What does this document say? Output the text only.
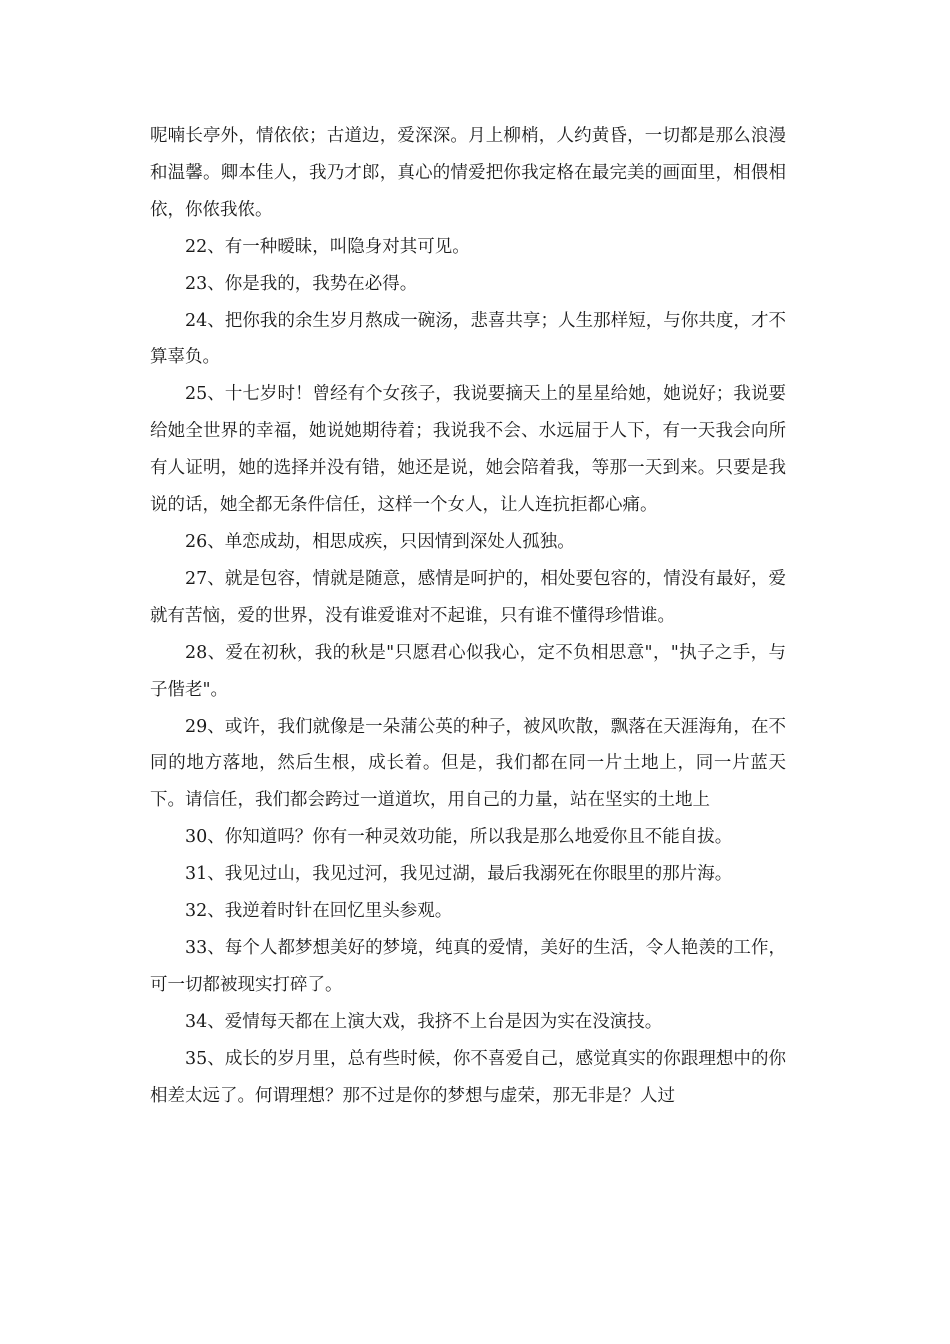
呢喃长亭外，情依依；古道边，爱深深。月上柳梢，人约黄昏，一切都是那么浪漫和温馨。卿本佳人，我乃才郎，真心的情爱把你我定格在最完美的画面里，相偎相依，你侬我侬。

22、有一种暧昧，叫隐身对其可见。

23、你是我的，我势在必得。

24、把你我的余生岁月熬成一碗汤，悲喜共享；人生那样短，与你共度，才不算辜负。

25、十七岁时！曾经有个女孩子，我说要摘天上的星星给她，她说好；我说要给她全世界的幸福，她说她期待着；我说我不会、水远屇于人下，有一天我会向所有人证明，她的选择并没有错，她还是说，她会陪着我，等那一天到来。只要是我说的话，她全都无条件信任，这样一个女人，让人连抗拒都心痛。

26、单恋成劫，相思成疾，只因情到深处人孤独。

27、就是包容，情就是随意，感情是呵护的，相处要包容的，情没有最好，爱就有苦恼，爱的世界，没有谁爱谁对不起谁，只有谁不懂得珍惜谁。

28、爱在初秋，我的秋是"只愿君心似我心，定不负相思意"，"执子之手，与子偕老"。

29、或许，我们就像是一朵蒲公英的种子，被风吹散，飘落在天涯海角，在不同的地方落地，然后生根，成长着。但是，我们都在同一片土地上，同一片蓝天下。请信任，我们都会跨过一道道坎，用自己的力量，站在坚实的土地上

30、你知道吗？你有一种灵效功能，所以我是那么地爱你且不能自拔。

31、我见过山，我见过河，我见过湖，最后我溺死在你眼里的那片海。

32、我逆着时针在回忆里头参观。

33、每个人都梦想美好的梦境，纯真的爱情，美好的生活，令人艳羡的工作，可一切都被现实打碎了。

34、爱情每天都在上演大戏，我挤不上台是因为实在没演技。

35、成长的岁月里，总有些时候，你不喜爱自己，感觉真实的你跟理想中的你相差太远了。何谓理想？那不过是你的梦想与虚荣，那无非是？人过
